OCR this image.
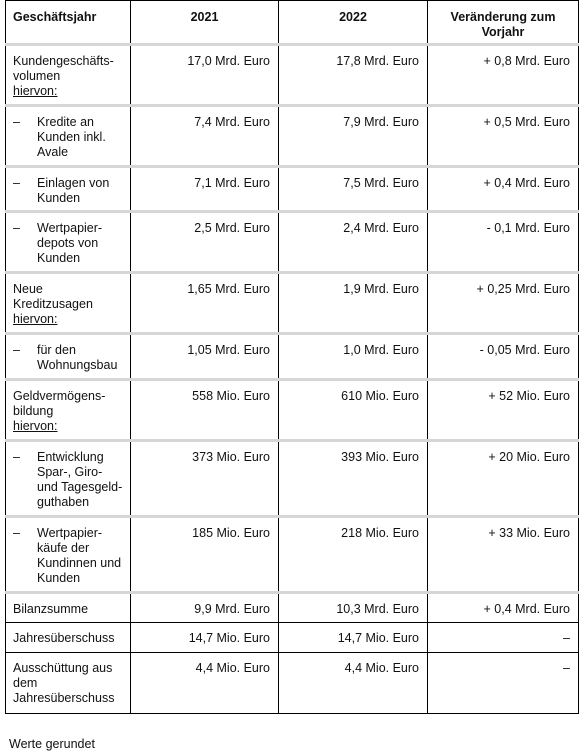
Geschäftsjahr	2021	2022	Veränderung zum Vorjahr

Kundengeschäfts-volumen
hiervon:	17,0 Mrd. Euro	17,8 Mrd. Euro	+ 0,8 Mrd. Euro

– Kredite an Kunden inkl. Avale	7,4 Mrd. Euro	7,9 Mrd. Euro	+ 0,5 Mrd. Euro

– Einlagen von Kunden	7,1 Mrd. Euro	7,5 Mrd. Euro	+ 0,4 Mrd. Euro

– Wertpapier-depots von Kunden	2,5 Mrd. Euro	2,4 Mrd. Euro	- 0,1 Mrd. Euro

Neue Kreditzusagen
hiervon:	1,65 Mrd. Euro	1,9 Mrd. Euro	+ 0,25 Mrd. Euro

– für den Wohnungsbau	1,05 Mrd. Euro	1,0 Mrd. Euro	- 0,05 Mrd. Euro

Geldvermögens-bildung
hiervon:	558 Mio. Euro	610 Mio. Euro	+ 52 Mio. Euro

– Entwicklung Spar-, Giro- und Tagesgeld-guthaben	373 Mio. Euro	393 Mio. Euro	+ 20 Mio. Euro

– Wertpapier-käufe der Kundinnen und Kunden	185 Mio. Euro	218 Mio. Euro	+ 33 Mio. Euro

Bilanzsumme	9,9 Mrd. Euro	10,3 Mrd. Euro	+ 0,4 Mrd. Euro

Jahresüberschuss	14,7 Mio. Euro	14,7 Mio. Euro	–

Ausschüttung aus dem Jahresüberschuss	4,4 Mio. Euro	4,4 Mio. Euro	–
Werte gerundet
